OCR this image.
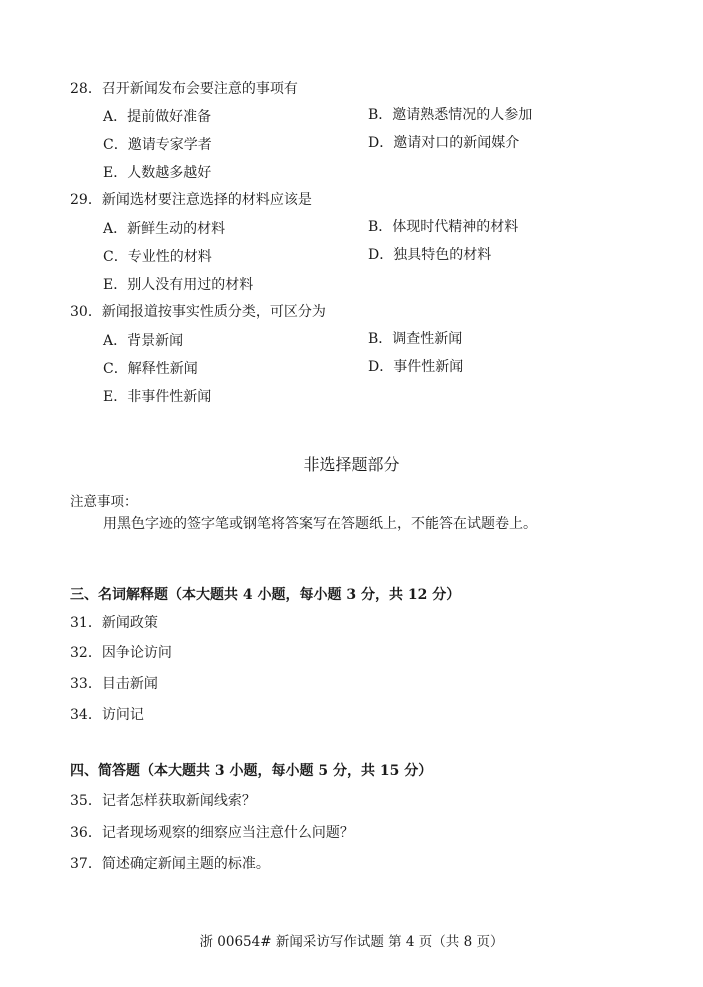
28．召开新闻发布会要注意的事项有
A．提前做好准备	B．邀请熟悉情况的人参加
C．邀请专家学者	D．邀请对口的新闻媒介
E．人数越多越好
29．新闻选材要注意选择的材料应该是
A．新鲜生动的材料	B．体现时代精神的材料
C．专业性的材料	D．独具特色的材料
E．别人没有用过的材料
30．新闻报道按事实性质分类，可区分为
A．背景新闻	B．调查性新闻
C．解释性新闻	D．事件性新闻
E．非事件性新闻
非选择题部分
注意事项：
用黑色字迹的签字笔或钢笔将答案写在答题纸上，不能答在试题卷上。
三、名词解释题（本大题共 4 小题，每小题 3 分，共 12 分）
31．新闻政策
32．因争论访问
33．目击新闻
34．访问记
四、简答题（本大题共 3 小题，每小题 5 分，共 15 分）
35．记者怎样获取新闻线索？
36．记者现场观察的细察应当注意什么问题？
37．简述确定新闻主题的标准。
浙 00654# 新闻采访写作试题 第 4 页（共 8 页）
